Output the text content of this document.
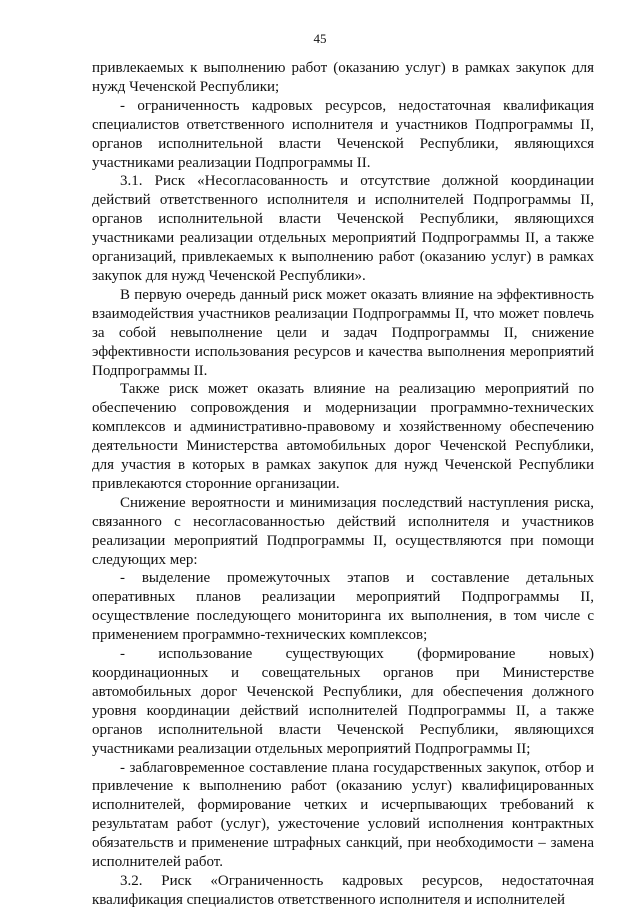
45

привлекаемых к выполнению работ (оказанию услуг) в рамках закупок для нужд Чеченской Республики;

- ограниченность кадровых ресурсов, недостаточная квалификация специалистов ответственного исполнителя и участников Подпрограммы II, органов исполнительной власти Чеченской Республики, являющихся участниками реализации Подпрограммы II.

3.1. Риск «Несогласованность и отсутствие должной координации действий ответственного исполнителя и исполнителей Подпрограммы II, органов исполнительной власти Чеченской Республики, являющихся участниками реализации отдельных мероприятий Подпрограммы II, а также организаций, привлекаемых к выполнению работ (оказанию услуг) в рамках закупок для нужд Чеченской Республики».

В первую очередь данный риск может оказать влияние на эффективность взаимодействия участников реализации Подпрограммы II, что может повлечь за собой невыполнение цели и задач Подпрограммы II, снижение эффективности использования ресурсов и качества выполнения мероприятий Подпрограммы II.

Также риск может оказать влияние на реализацию мероприятий по обеспечению сопровождения и модернизации программно-технических комплексов и административно-правовому и хозяйственному обеспечению деятельности Министерства автомобильных дорог Чеченской Республики, для участия в которых в рамках закупок для нужд Чеченской Республики привлекаются сторонние организации.

Снижение вероятности и минимизация последствий наступления риска, связанного с несогласованностью действий исполнителя и участников реализации мероприятий Подпрограммы II, осуществляются при помощи следующих мер:

- выделение промежуточных этапов и составление детальных оперативных планов реализации мероприятий Подпрограммы II, осуществление последующего мониторинга их выполнения, в том числе с применением программно-технических комплексов;

- использование существующих (формирование новых) координационных и совещательных органов при Министерстве автомобильных дорог Чеченской Республики, для обеспечения должного уровня координации действий исполнителей Подпрограммы II, а также органов исполнительной власти Чеченской Республики, являющихся участниками реализации отдельных мероприятий Подпрограммы II;

- заблаговременное составление плана государственных закупок, отбор и привлечение к выполнению работ (оказанию услуг) квалифицированных исполнителей, формирование четких и исчерпывающих требований к результатам работ (услуг), ужесточение условий исполнения контрактных обязательств и применение штрафных санкций, при необходимости – замена исполнителей работ.

3.2. Риск «Ограниченность кадровых ресурсов, недостаточная квалификация специалистов ответственного исполнителя и исполнителей
